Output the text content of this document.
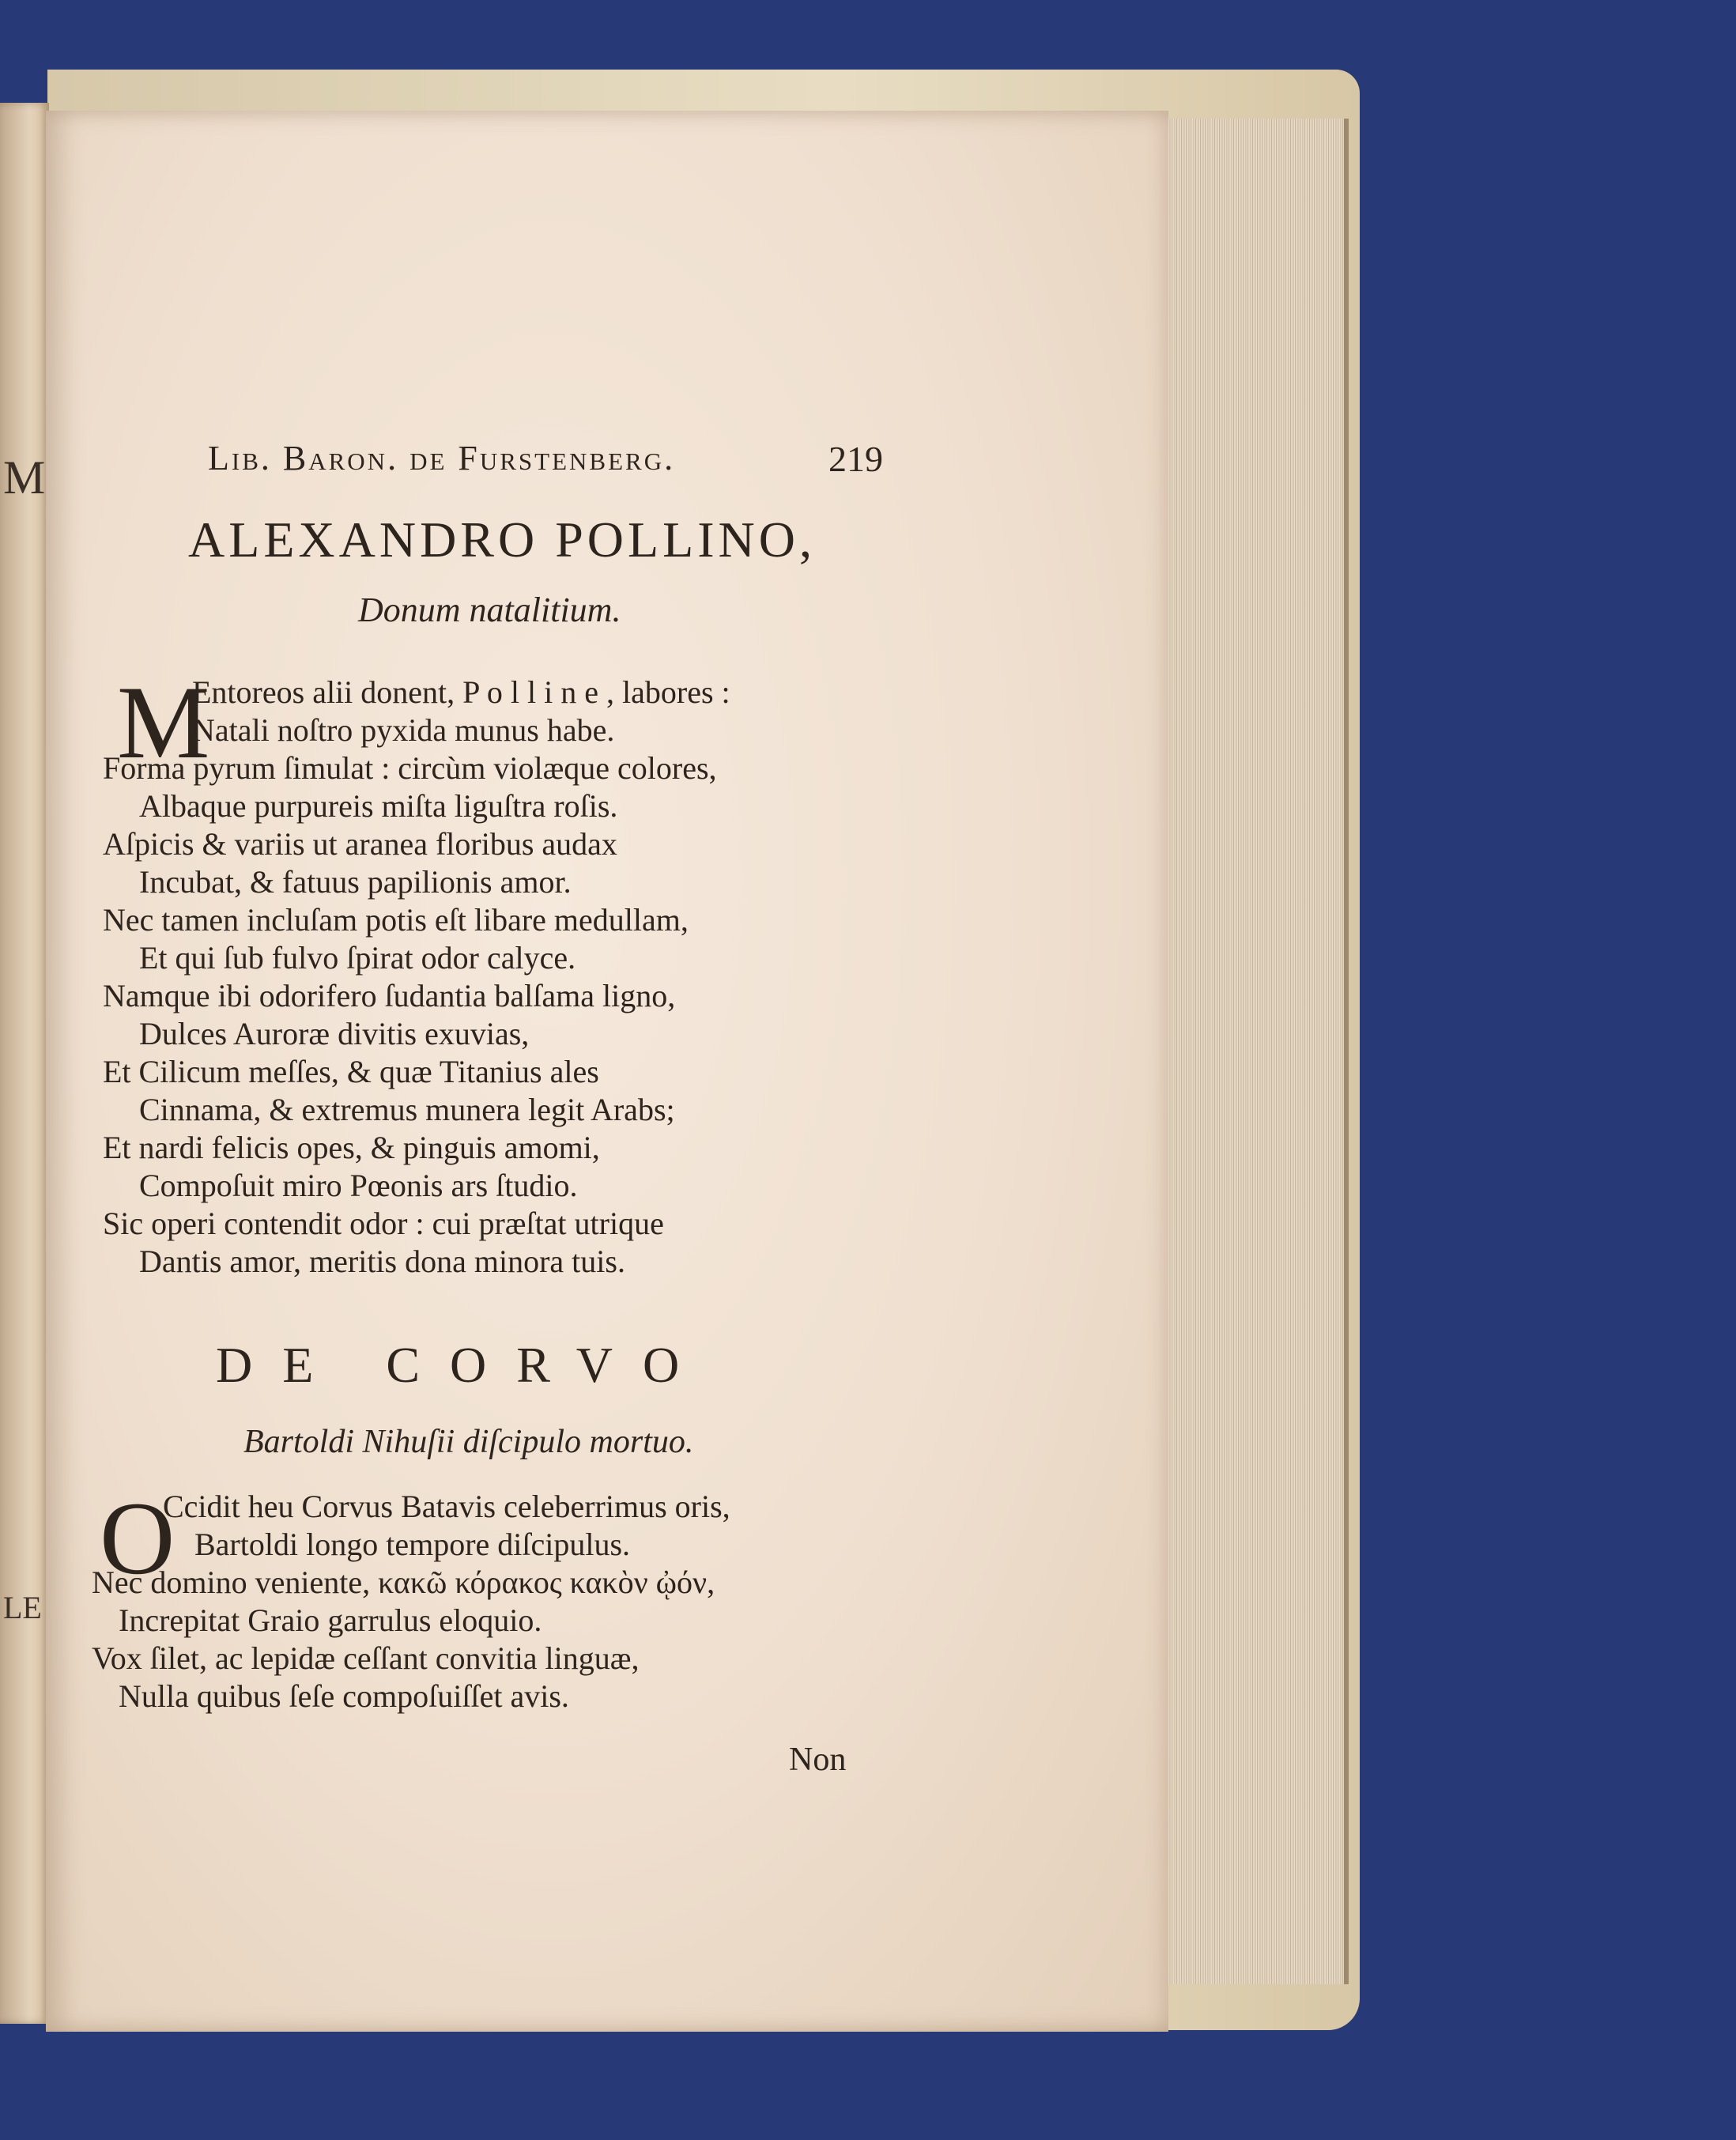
M
LE
Lib. Baron. de Furstenberg.	219
ALEXANDRO POLLINO,
Donum natalitium.
M
Entoreos alii donent, P o l l i n e , labores :
Natali noſtro pyxida munus habe.
Forma pyrum ſimulat : circùm violæque colores,
Albaque purpureis miſta liguſtra roſis.
Aſpicis & variis ut aranea floribus audax
Incubat, & fatuus papilionis amor.
Nec tamen incluſam potis eſt libare medullam,
Et qui ſub fulvo ſpirat odor calyce.
Namque ibi odorifero ſudantia balſama ligno,
Dulces Auroræ divitis exuvias,
Et Cilicum meſſes, & quæ Titanius ales
Cinnama, & extremus munera legit Arabs;
Et nardi felicis opes, & pinguis amomi,
Compoſuit miro Pœonis ars ſtudio.
Sic operi contendit odor : cui præſtat utrique
Dantis amor, meritis dona minora tuis.
DE CORVO
Bartoldi Nihuſii diſcipulo mortuo.
O
Ccidit heu Corvus Batavis celeberrimus oris,
Bartoldi longo tempore diſcipulus.
Nec domino veniente, κακῶ κόρακος κακὸν ᾠόν,
Increpitat Graio garrulus eloquio.
Vox ſilet, ac lepidæ ceſſant convitia linguæ,
Nulla quibus ſeſe compoſuiſſet avis.
Non
